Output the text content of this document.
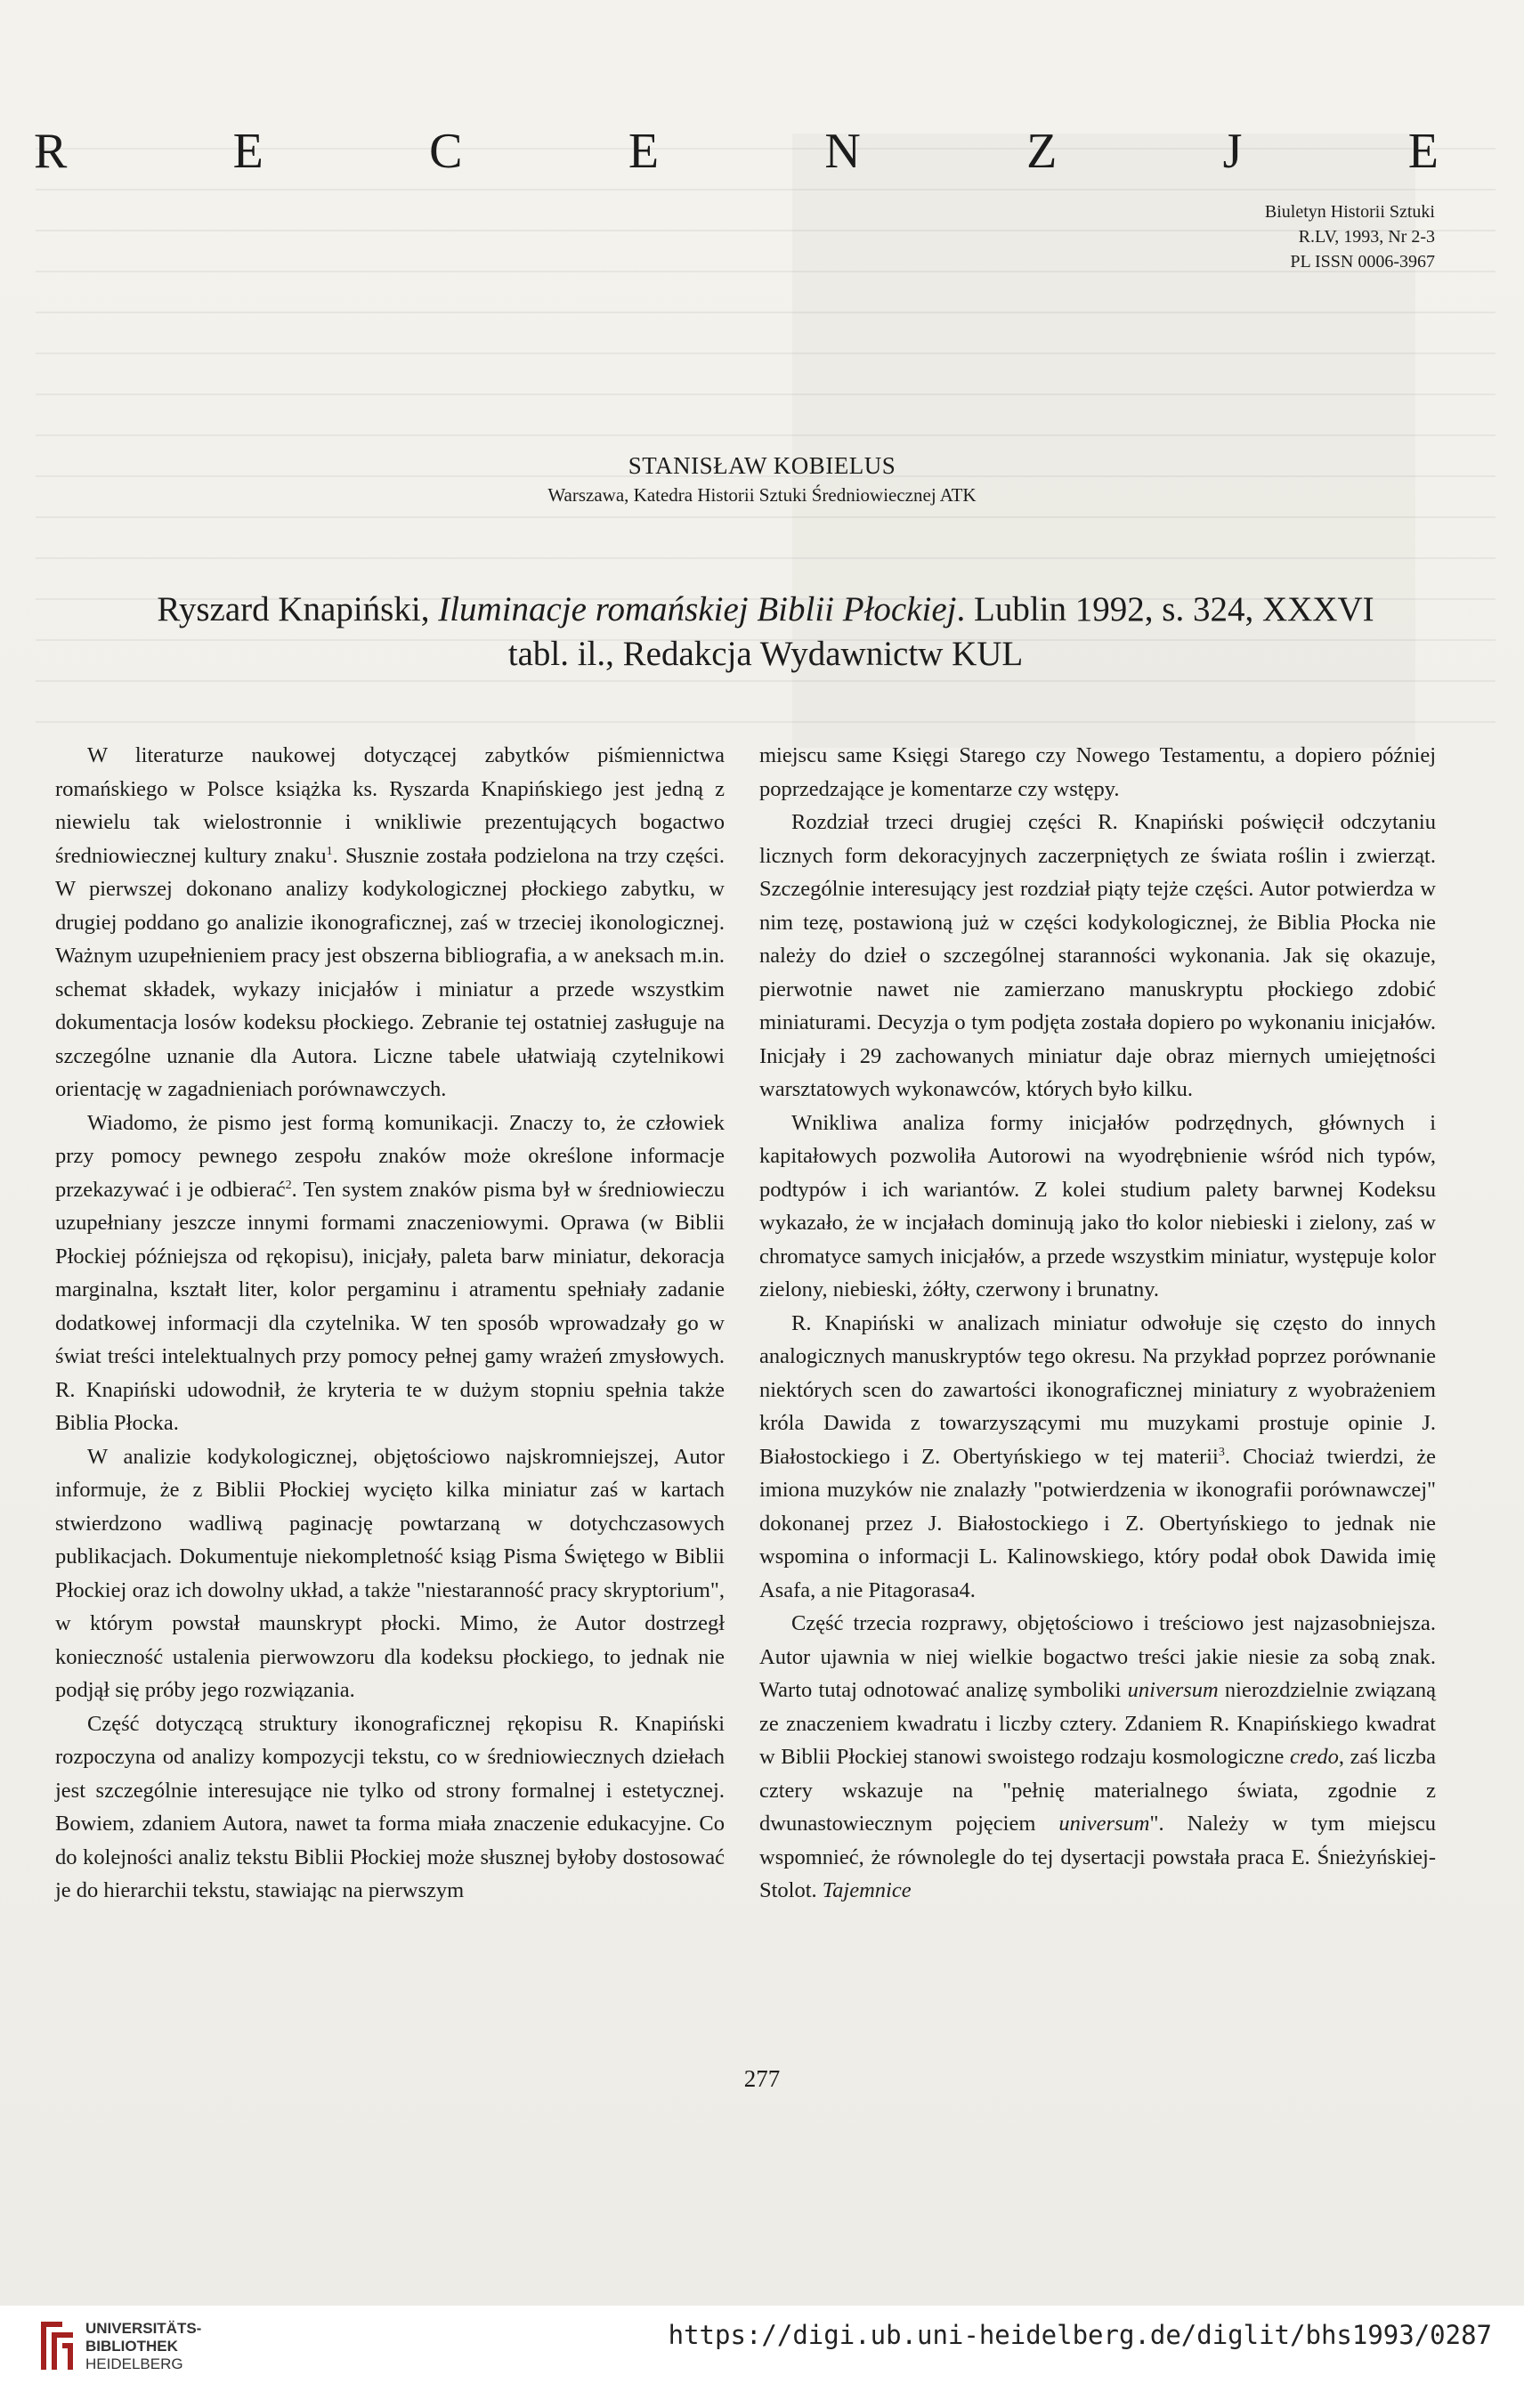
R	E	C	E	N	Z	J	E
Biuletyn Historii Sztuki
R.LV, 1993, Nr 2-3
PL ISSN 0006-3967
STANISŁAW KOBIELUS
Warszawa, Katedra Historii Sztuki Średniowiecznej ATK
Ryszard Knapiński, Iluminacje romańskiej Biblii Płockiej. Lublin 1992, s. 324, XXXVI
tabl. il., Redakcja Wydawnictw KUL

W literaturze naukowej dotyczącej zabytków piśmiennictwa romańskiego w Polsce książka ks. Ryszarda Knapińskiego jest jedną z niewielu tak wielostronnie i wnikliwie prezentujących bogactwo średniowiecznej kultury znaku$^1$. Słusznie została podzielona na trzy części. W pierwszej dokonano analizy kodykologicznej płockiego zabytku, w drugiej poddano go analizie ikonograficznej, zaś w trzeciej ikonologicznej. Ważnym uzupełnieniem pracy jest obszerna bibliografia, a w aneksach m.in. schemat składek, wykazy inicjałów i miniatur a przede wszystkim dokumentacja losów kodeksu płockiego. Zebranie tej ostatniej zasługuje na szczególne uznanie dla Autora. Liczne tabele ułatwiają czytelnikowi orientację w zagadnieniach porównawczych.

Wiadomo, że pismo jest formą komunikacji. Znaczy to, że człowiek przy pomocy pewnego zespołu znaków może określone informacje przekazywać i je odbierać$^2$. Ten system znaków pisma był w średniowieczu uzupełniany jeszcze innymi formami znaczeniowymi. Oprawa (w Biblii Płockiej późniejsza od rękopisu), inicjały, paleta barw miniatur, dekoracja marginalna, kształt liter, kolor pergaminu i atramentu spełniały zadanie dodatkowej informacji dla czytelnika. W ten sposób wprowadzały go w świat treści intelektualnych przy pomocy pełnej gamy wrażeń zmysłowych. R. Knapiński udowodnił, że kryteria te w dużym stopniu spełnia także Biblia Płocka.

W analizie kodykologicznej, objętościowo najskromniejszej, Autor informuje, że z Biblii Płockiej wycięto kilka miniatur zaś w kartach stwierdzono wadliwą paginację powtarzaną w dotychczasowych publikacjach. Dokumentuje niekompletność ksiąg Pisma Świętego w Biblii Płockiej oraz ich dowolny układ, a także "niestaranność pracy skryptorium", w którym powstał maunskrypt płocki. Mimo, że Autor dostrzegł konieczność ustalenia pierwowzoru dla kodeksu płockiego, to jednak nie podjął się próby jego rozwiązania.

Część dotyczącą struktury ikonograficznej rękopisu R. Knapiński rozpoczyna od analizy kompozycji tekstu, co w średniowiecznych dziełach jest szczególnie interesujące nie tylko od strony formalnej i estetycznej. Bowiem, zdaniem Autora, nawet ta forma miała znaczenie edukacyjne. Co do kolejności analiz tekstu Biblii Płockiej może słusznej byłoby dostosować je do hierarchii tekstu, stawiając na pierwszym

miejscu same Księgi Starego czy Nowego Testamentu, a dopiero później poprzedzające je komentarze czy wstępy.

Rozdział trzeci drugiej części R. Knapiński poświęcił odczytaniu licznych form dekoracyjnych zaczerpniętych ze świata roślin i zwierząt. Szczególnie interesujący jest rozdział piąty tejże części. Autor potwierdza w nim tezę, postawioną już w części kodykologicznej, że Biblia Płocka nie należy do dzieł o szczególnej staranności wykonania. Jak się okazuje, pierwotnie nawet nie zamierzano manuskryptu płockiego zdobić miniaturami. Decyzja o tym podjęta została dopiero po wykonaniu inicjałów. Inicjały i 29 zachowanych miniatur daje obraz miernych umiejętności warsztatowych wykonawców, których było kilku.

Wnikliwa analiza formy inicjałów podrzędnych, głównych i kapitałowych pozwoliła Autorowi na wyodrębnienie wśród nich typów, podtypów i ich wariantów. Z kolei studium palety barwnej Kodeksu wykazało, że w incjałach dominują jako tło kolor niebieski i zielony, zaś w chromatyce samych inicjałów, a przede wszystkim miniatur, występuje kolor zielony, niebieski, żółty, czerwony i brunatny.

R. Knapiński w analizach miniatur odwołuje się często do innych analogicznych manuskryptów tego okresu. Na przykład poprzez porównanie niektórych scen do zawartości ikonograficznej miniatury z wyobrażeniem króla Dawida z towarzyszącymi mu muzykami prostuje opinie J. Białostockiego i Z. Obertyńskiego w tej materii$^3$. Chociaż twierdzi, że imiona muzyków nie znalazły "potwierdzenia w ikonografii porównawczej" dokonanej przez J. Białostockiego i Z. Obertyńskiego to jednak nie wspomina o informacji L. Kalinowskiego, który podał obok Dawida imię Asafa, a nie Pitagorasa4.

Część trzecia rozprawy, objętościowo i treściowo jest najzasobniejsza. Autor ujawnia w niej wielkie bogactwo treści jakie niesie za sobą znak. Warto tutaj odnotować analizę symboliki universum nierozdzielnie związaną ze znaczeniem kwadratu i liczby cztery. Zdaniem R. Knapińskiego kwadrat w Biblii Płockiej stanowi swoistego rodzaju kosmologiczne credo, zaś liczba cztery wskazuje na "pełnię materialnego świata, zgodnie z dwunastowiecznym pojęciem universum". Należy w tym miejscu wspomnieć, że równolegle do tej dysertacji powstała praca E. Śnieżyńskiej-Stolot. Tajemnice

277
UNIVERSITÄTS-
BIBLIOTHEK
HEIDELBERG
https://digi.ub.uni-heidelberg.de/diglit/bhs1993/0287
